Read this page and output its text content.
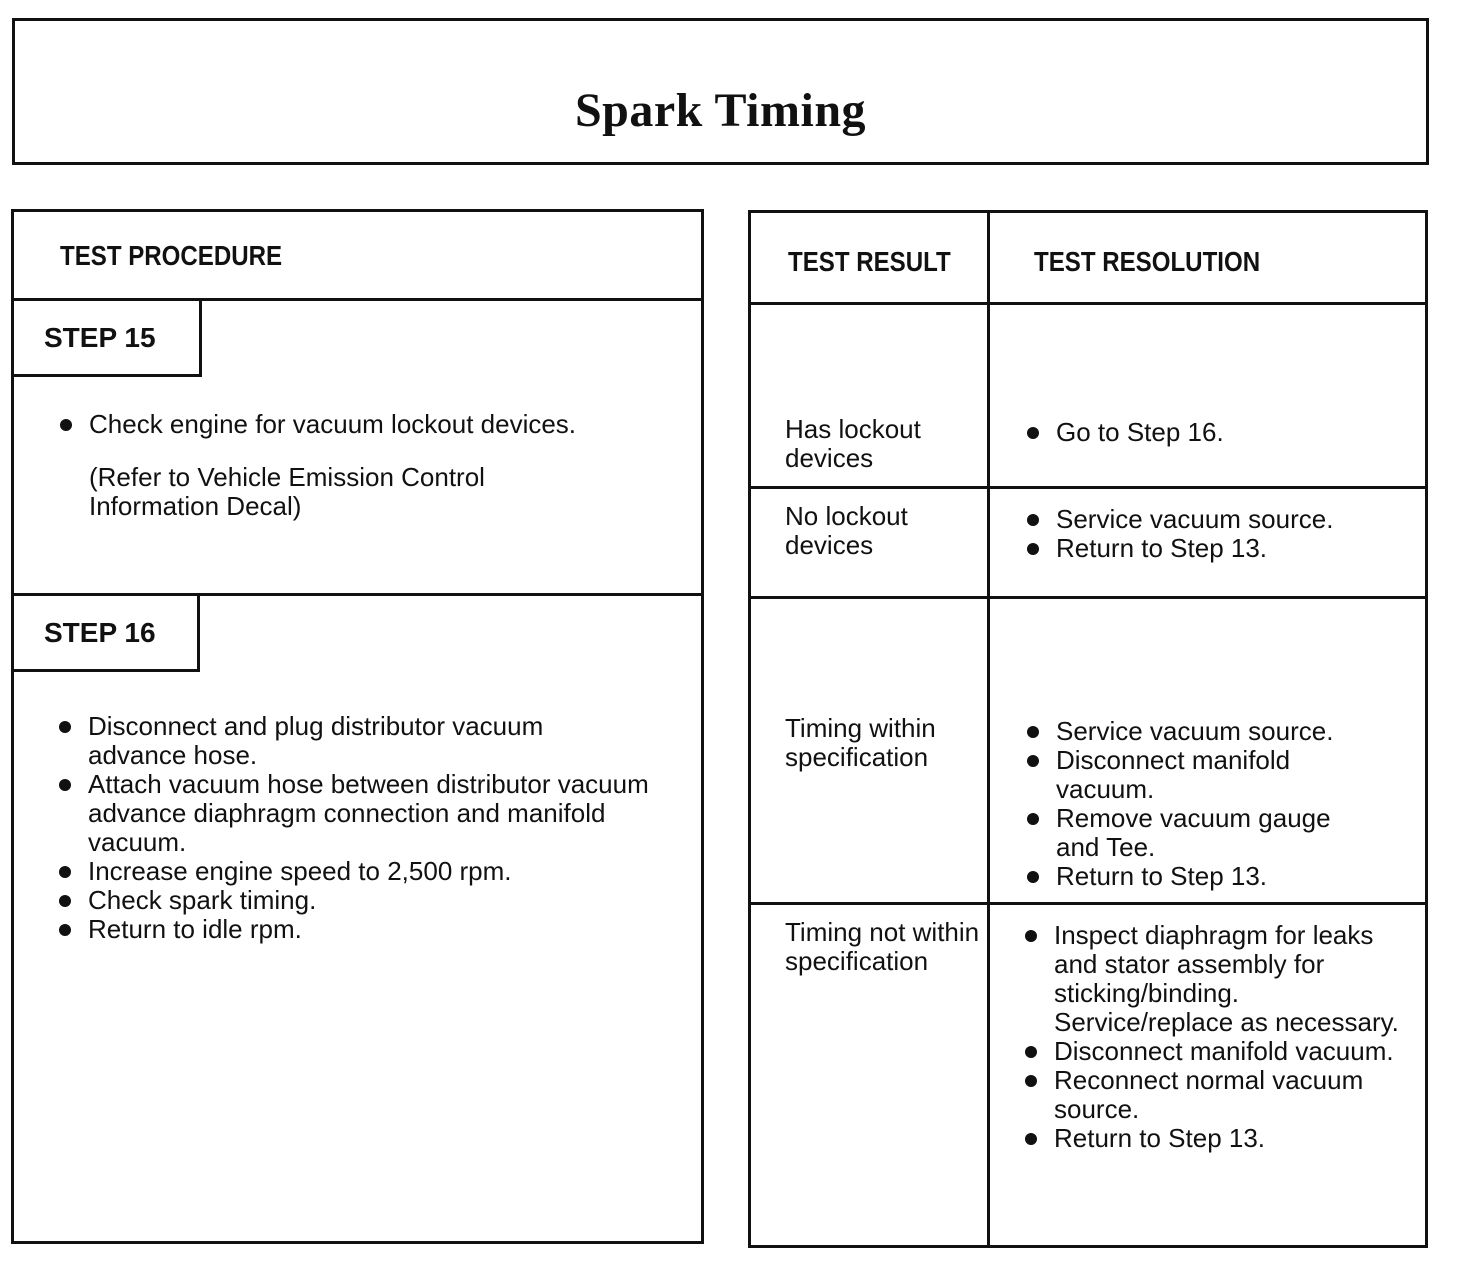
Spark Timing
TEST PROCEDURE
STEP 15
Check engine for vacuum lockout devices.
(Refer to Vehicle Emission Control Information Decal)
STEP 16
Disconnect and plug distributor vacuum advance hose.
Attach vacuum hose between distributor vacuum advance diaphragm connection and manifold vacuum.
Increase engine speed to 2,500 rpm.
Check spark timing.
Return to idle rpm.
TEST RESULT	TEST RESOLUTION
Has lockout devices
Go to Step 16.
No lockout devices
Service vacuum source.
Return to Step 13.
Timing within specification
Service vacuum source.
Disconnect manifold vacuum.
Remove vacuum gauge and Tee.
Return to Step 13.
Timing not within specification
Inspect diaphragm for leaks and stator assembly for sticking/binding. Service/replace as necessary.
Disconnect manifold vacuum.
Reconnect normal vacuum source.
Return to Step 13.
